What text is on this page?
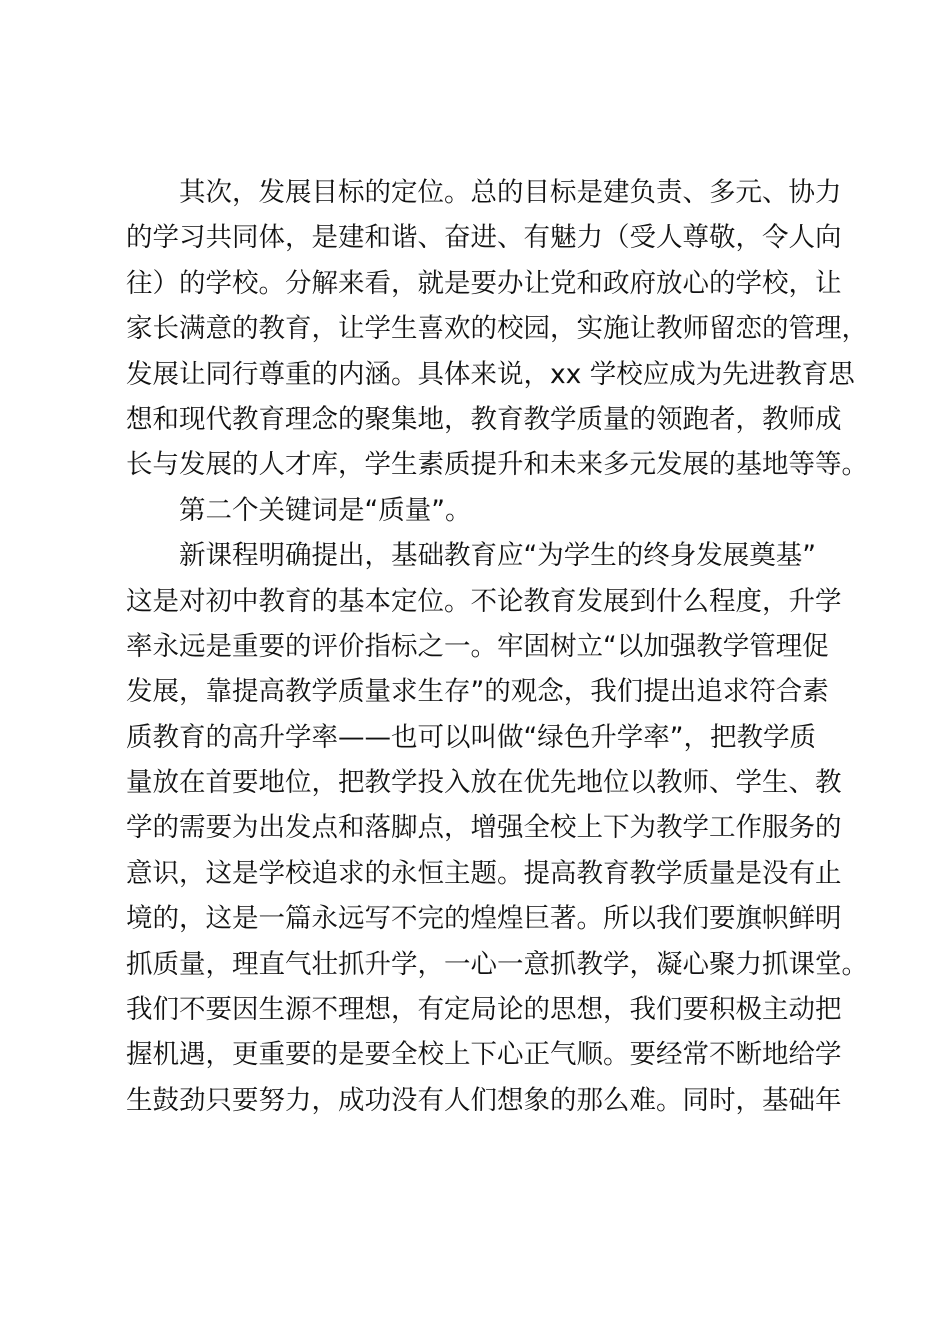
其次，发展目标的定位。总的目标是建负责、多元、协力
的学习共同体，是建和谐、奋进、有魅力（受人尊敬，令人向
往）的学校。分解来看，就是要办让党和政府放心的学校，让
家长满意的教育，让学生喜欢的校园，实施让教师留恋的管理，
发展让同行尊重的内涵。具体来说，xx 学校应成为先进教育思
想和现代教育理念的聚集地，教育教学质量的领跑者，教师成
长与发展的人才库，学生素质提升和未来多元发展的基地等等。
第二个关键词是“质量”。
新课程明确提出，基础教育应“为学生的终身发展奠基”
这是对初中教育的基本定位。不论教育发展到什么程度，升学
率永远是重要的评价指标之一。牢固树立“以加强教学管理促
发展，靠提高教学质量求生存”的观念，我们提出追求符合素
质教育的高升学率——也可以叫做“绿色升学率”，把教学质
量放在首要地位，把教学投入放在优先地位以教师、学生、教
学的需要为出发点和落脚点，增强全校上下为教学工作服务的
意识，这是学校追求的永恒主题。提高教育教学质量是没有止
境的，这是一篇永远写不完的煌煌巨著。所以我们要旗帜鲜明
抓质量，理直气壮抓升学，一心一意抓教学，凝心聚力抓课堂。
我们不要因生源不理想，有定局论的思想，我们要积极主动把
握机遇，更重要的是要全校上下心正气顺。要经常不断地给学
生鼓劲只要努力，成功没有人们想象的那么难。同时，基础年
